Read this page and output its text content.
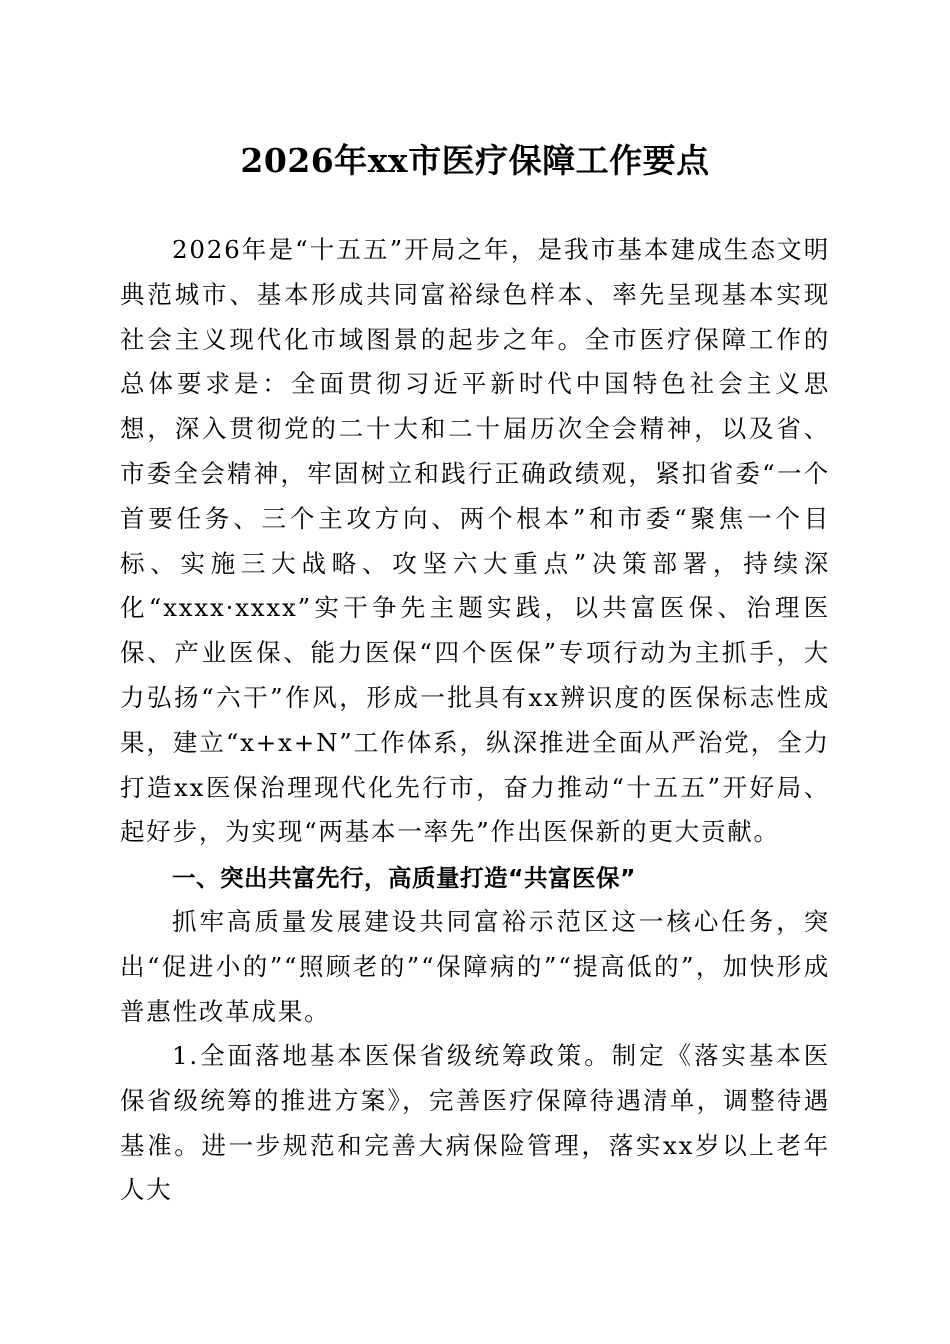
2026年xx市医疗保障工作要点

2026年是“十五五”开局之年，是我市基本建成生态文明典范城市、基本形成共同富裕绿色样本、率先呈现基本实现社会主义现代化市域图景的起步之年。全市医疗保障工作的总体要求是：全面贯彻习近平新时代中国特色社会主义思想，深入贯彻党的二十大和二十届历次全会精神，以及省、市委全会精神，牢固树立和践行正确政绩观，紧扣省委“一个首要任务、三个主攻方向、两个根本”和市委“聚焦一个目标、实施三大战略、攻坚六大重点”决策部署，持续深化“xxxx·xxxx”实干争先主题实践，以共富医保、治理医保、产业医保、能力医保“四个医保”专项行动为主抓手，大力弘扬“六干”作风，形成一批具有xx辨识度的医保标志性成果，建立“x+x+N”工作体系，纵深推进全面从严治党，全力打造xx医保治理现代化先行市，奋力推动“十五五”开好局、起好步，为实现“两基本一率先”作出医保新的更大贡献。

一、突出共富先行，高质量打造“共富医保”

抓牢高质量发展建设共同富裕示范区这一核心任务，突出“促进小的”“照顾老的”“保障病的”“提高低的”，加快形成普惠性改革成果。

1.全面落地基本医保省级统筹政策。制定《落实基本医保省级统筹的推进方案》，完善医疗保障待遇清单，调整待遇基准。进一步规范和完善大病保险管理，落实xx岁以上老年人大
